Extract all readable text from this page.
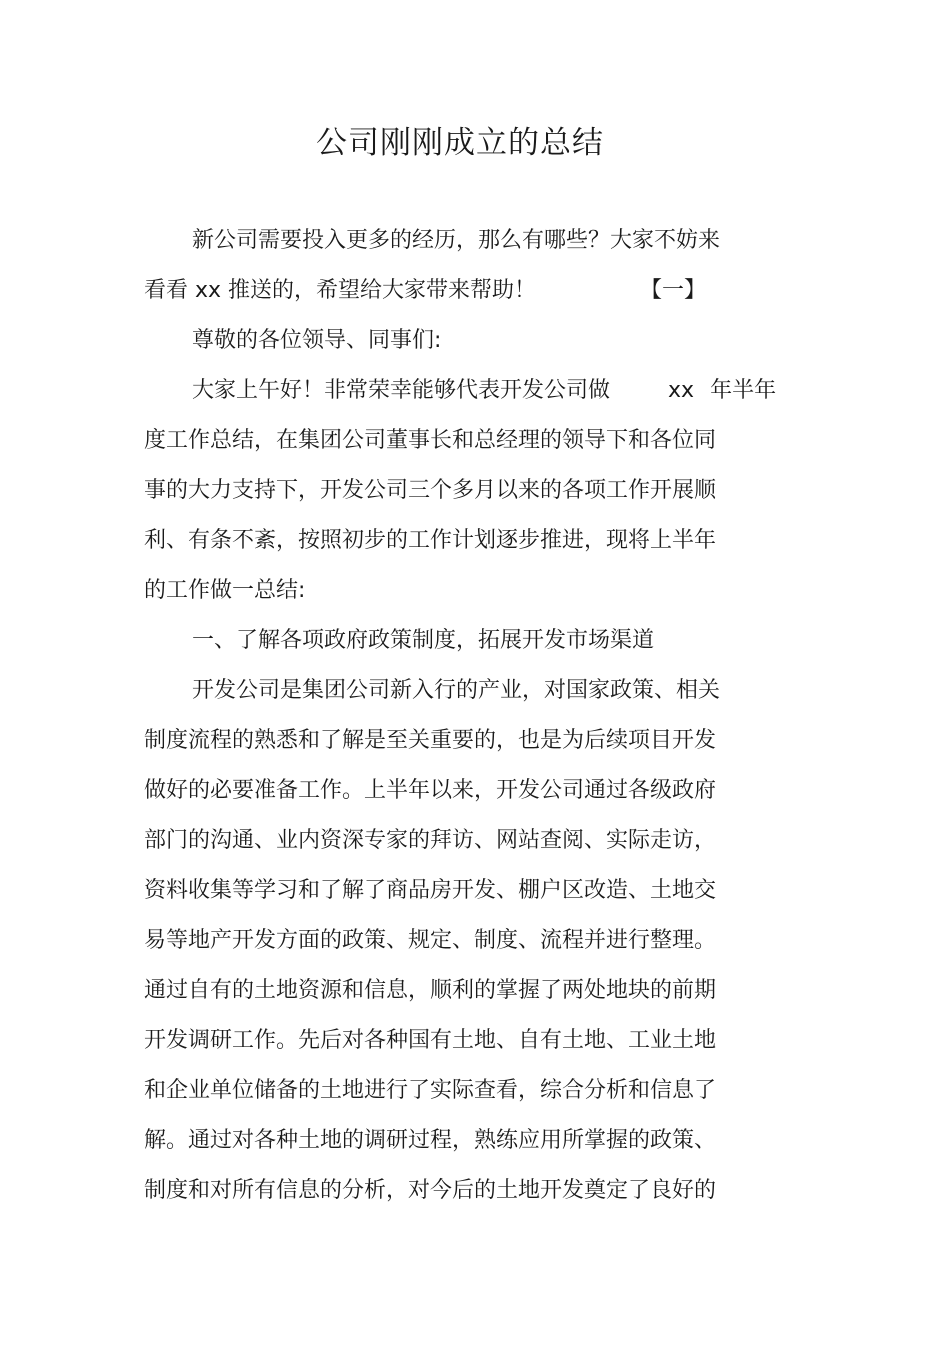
公司刚刚成立的总结

新公司需要投入更多的经历，那么有哪些？大家不妨来

看看 xx 推送的，希望给大家带来帮助！	【一】

尊敬的各位领导、同事们:

大家上午好！非常荣幸能够代表开发公司做	xx 年半年

度工作总结，在集团公司董事长和总经理的领导下和各位同

事的大力支持下，开发公司三个多月以来的各项工作开展顺

利、有条不紊，按照初步的工作计划逐步推进，现将上半年

的工作做一总结:

一、了解各项政府政策制度，拓展开发市场渠道

开发公司是集团公司新入行的产业，对国家政策、相关

制度流程的熟悉和了解是至关重要的，也是为后续项目开发

做好的必要准备工作。上半年以来，开发公司通过各级政府

部门的沟通、业内资深专家的拜访、网站查阅、实际走访，

资料收集等学习和了解了商品房开发、棚户区改造、土地交

易等地产开发方面的政策、规定、制度、流程并进行整理。

通过自有的土地资源和信息，顺利的掌握了两处地块的前期

开发调研工作。先后对各种国有土地、自有土地、工业土地

和企业单位储备的土地进行了实际查看，综合分析和信息了

解。通过对各种土地的调研过程，熟练应用所掌握的政策、

制度和对所有信息的分析，对今后的土地开发奠定了良好的
